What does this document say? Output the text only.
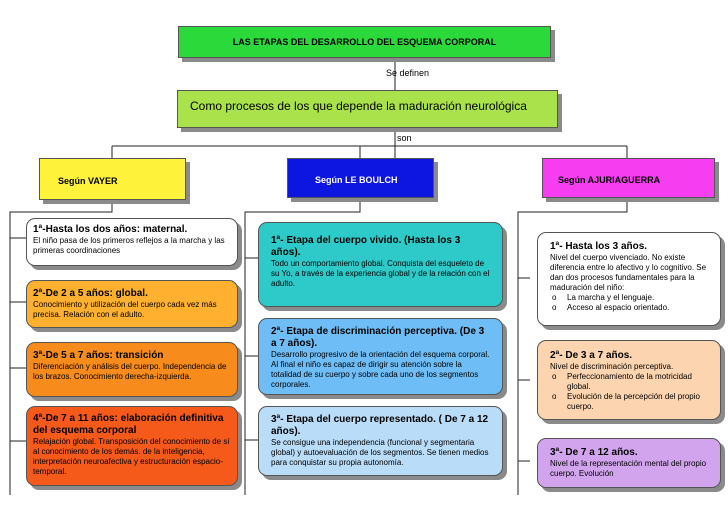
LAS ETAPAS DEL DESARROLLO DEL ESQUEMA CORPORAL
Se definen
Como procesos de los que depende la maduración neurológica
son
Según VAYER	Según LE BOULCH	Según AJURIAGUERRA
1ª-Hasta los dos años: maternal.
El niño pasa de los primeros reflejos a la marcha y las primeras coordinaciones
2ª-De 2 a 5 años: global.
Conocimiento y utilización del cuerpo cada vez más precisa. Relación con el adulto.
3ª-De 5 a 7 años: transición
Diferenciación y análisis del cuerpo. Independencia de los brazos. Conocimiento derecha-izquierda.
4ª-De 7 a 11 años: elaboración definitiva del esquema corporal
Relajación global. Transposición del conocimiento de sí al conocimiento de los demás. de la inteligencia, interpretación neuroafectiva y estructuración espacio-temporal.
1ª- Etapa del cuerpo vivido. (Hasta los 3 años).
Todo un comportamiento global. Conquista del esqueleto de su Yo, a través de la experiencia global y de la relación con el adulto.
2ª- Etapa de discriminación perceptiva. (De 3 a 7 años).
Desarrollo progresivo de la orientación del esquema corporal. Al final el niño es capaz de dirigir su atención sobre la totalidad de su cuerpo y sobre cada uno de los segmentos corporales.
3ª- Etapa del cuerpo representado. ( De 7 a 12 años).
Se consigue una independencia (funcional y segmentaria global) y autoevaluación de los segmentos. Se tienen medios para conquistar su propia autonomía.
1ª- Hasta los 3 años.
Nivel del cuerpo vivenciado. No existe diferencia entre lo afectivo y lo cognitivo. Se dan dos procesos fundamentales para la maduración del niño:
o La marcha y el lenguaje.
o Acceso al espacio orientado.
2ª- De 3 a 7 años.
Nivel de discriminación perceptiva.
o Perfeccionamiento de la motricidad global.
o Evolución de la percepción del propio cuerpo.
3ª- De 7 a 12 años.
Nivel de la representación mental del propio cuerpo. Evolución
